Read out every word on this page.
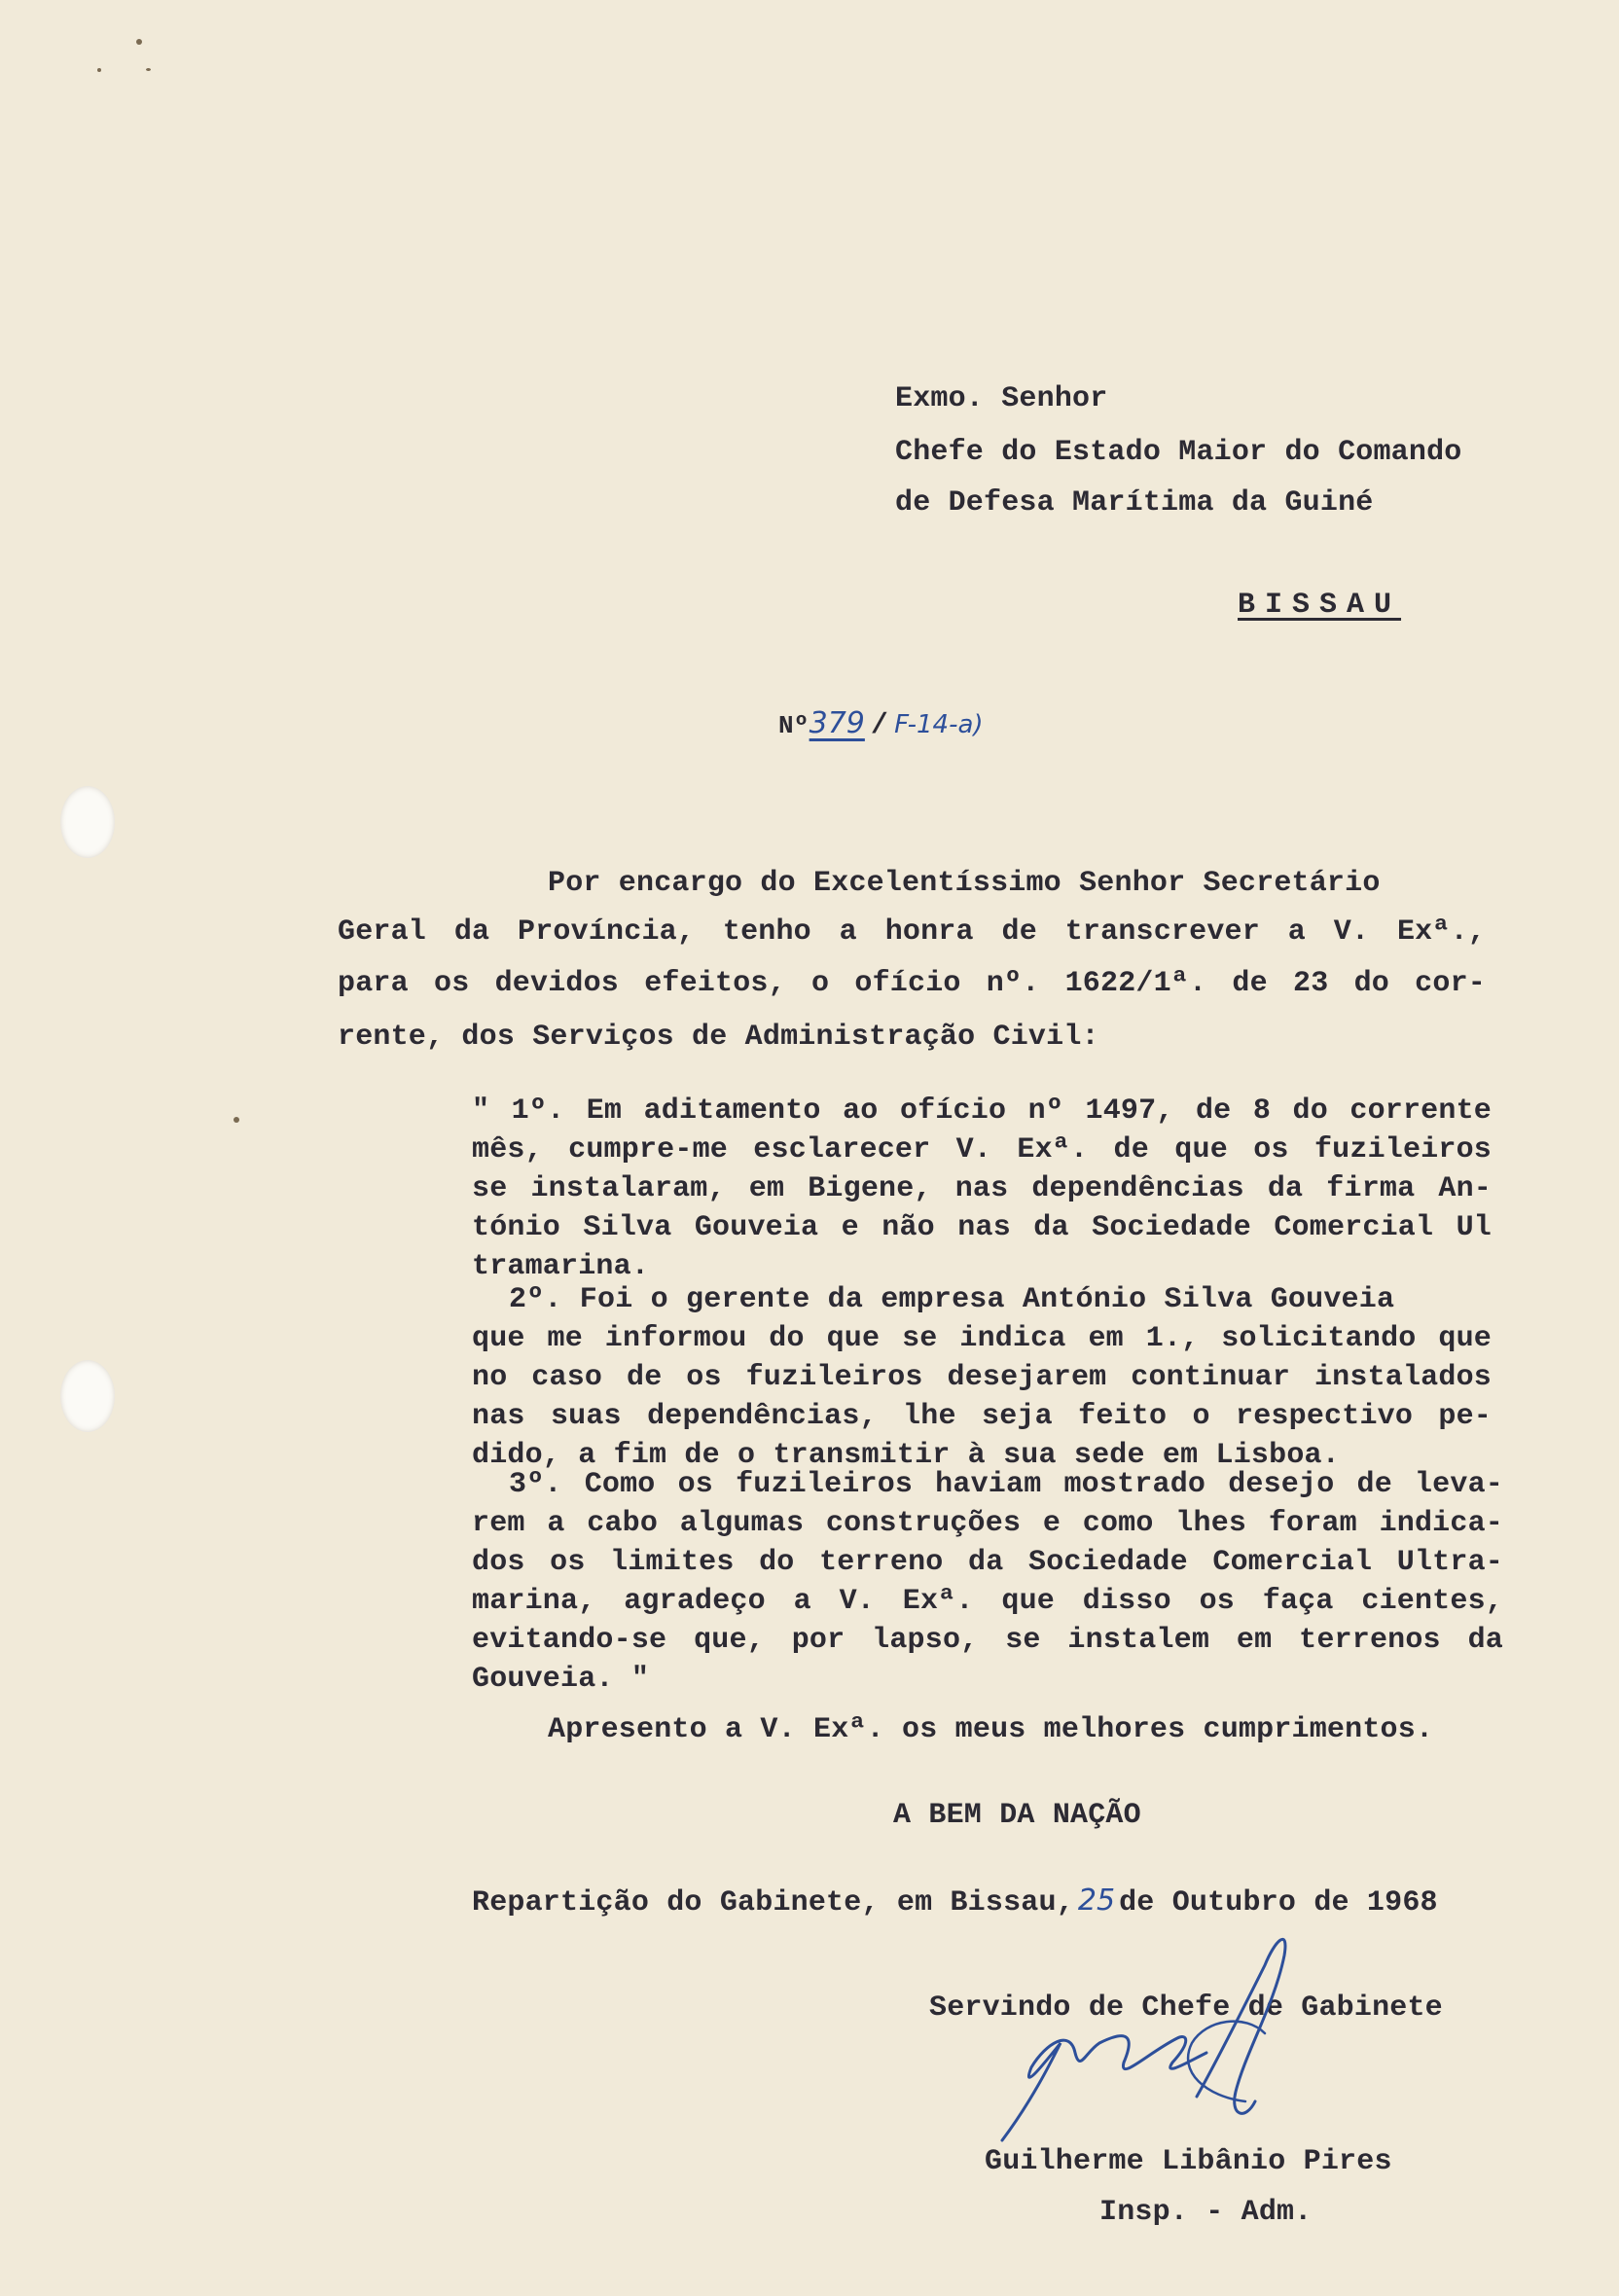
Exmo. Senhor

Chefe do Estado Maior do Comando

de Defesa Marítima da Guiné

BISSAU

Nº379 / F-14-a)

Por encargo do Excelentíssimo Senhor Secretário

Geral da Província, tenho a honra de transcrever a V. Exª.,

para os devidos efeitos, o ofício nº. 1622/1ª. de 23 do cor-

rente, dos Serviços de Administração Civil:

" 1º. Em aditamento ao ofício nº 1497, de 8 do corrente

mês, cumpre-me esclarecer V. Exª. de que os fuzileiros

se instalaram, em Bigene, nas dependências da firma An-

tónio Silva Gouveia e não nas da Sociedade Comercial Ul

tramarina.

2º. Foi o gerente da empresa António Silva Gouveia

que me informou do que se indica em 1., solicitando que

no caso de os fuzileiros desejarem continuar instalados

nas suas dependências, lhe seja feito o respectivo pe-

dido, a fim de o transmitir à sua sede em Lisboa.

3º. Como os fuzileiros haviam mostrado desejo de leva-

rem a cabo algumas construções e como lhes foram indica-

dos os limites do terreno da Sociedade Comercial Ultra-

marina, agradeço a V. Exª. que disso os faça cientes,

evitando-se que, por lapso, se instalem em terrenos da

Gouveia. "

Apresento a V. Exª. os meus melhores cumprimentos.

A BEM DA NAÇÃO

Repartição do Gabinete, em Bissau, 25 de Outubro de 1968

Servindo de Chefe de Gabinete

Guilherme Libânio Pires

Insp. - Adm.
